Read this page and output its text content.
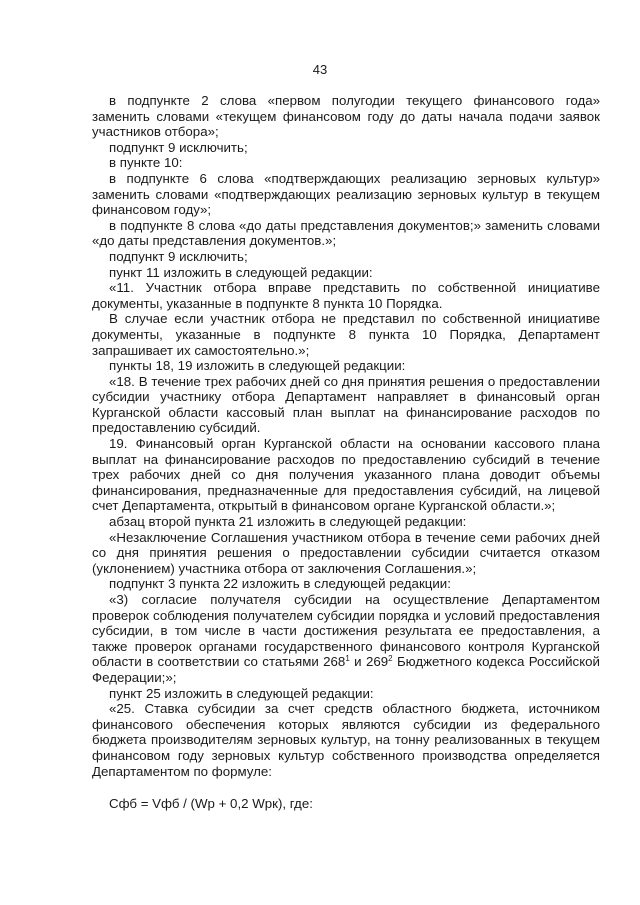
43

в подпункте 2 слова «первом полугодии текущего финансового года» заменить словами «текущем финансовом году до даты начала подачи заявок участников отбора»;

подпункт 9 исключить;

в пункте 10:

в подпункте 6 слова «подтверждающих реализацию зерновых культур» заменить словами «подтверждающих реализацию зерновых культур в текущем финансовом году»;

в подпункте 8 слова «до даты представления документов;» заменить словами «до даты представления документов.»;

подпункт 9 исключить;

пункт 11 изложить в следующей редакции:

«11. Участник отбора вправе представить по собственной инициативе документы, указанные в подпункте 8 пункта 10 Порядка.

В случае если участник отбора не представил по собственной инициативе документы, указанные в подпункте 8 пункта 10 Порядка, Департамент запрашивает их самостоятельно.»;

пункты 18, 19 изложить в следующей редакции:

«18. В течение трех рабочих дней со дня принятия решения о предоставлении субсидии участнику отбора Департамент направляет в финансовый орган Курганской области кассовый план выплат на финансирование расходов по предоставлению субсидий.

19. Финансовый орган Курганской области на основании кассового плана выплат на финансирование расходов по предоставлению субсидий в течение трех рабочих дней со дня получения указанного плана доводит объемы финансирования, предназначенные для предоставления субсидий, на лицевой счет Департамента, открытый в финансовом органе Курганской области.»;

абзац второй пункта 21 изложить в следующей редакции:

«Незаключение Соглашения участником отбора в течение семи рабочих дней со дня принятия решения о предоставлении субсидии считается отказом (уклонением) участника отбора от заключения Соглашения.»;

подпункт 3 пункта 22 изложить в следующей редакции:

«3) согласие получателя субсидии на осуществление Департаментом проверок соблюдения получателем субсидии порядка и условий предоставления субсидии, в том числе в части достижения результата ее предоставления, а также проверок органами государственного финансового контроля Курганской области в соответствии со статьями $268^1$ и $269^2$ Бюджетного кодекса Российской Федерации;»;

пункт 25 изложить в следующей редакции:

«25. Ставка субсидии за счет средств областного бюджета, источником финансового обеспечения которых являются субсидии из федерального бюджета производителям зерновых культур, на тонну реализованных в текущем финансовом году зерновых культур собственного производства определяется Департаментом по формуле:

Сфб = Vфб / (Wp + 0,2 Wpк), где:
